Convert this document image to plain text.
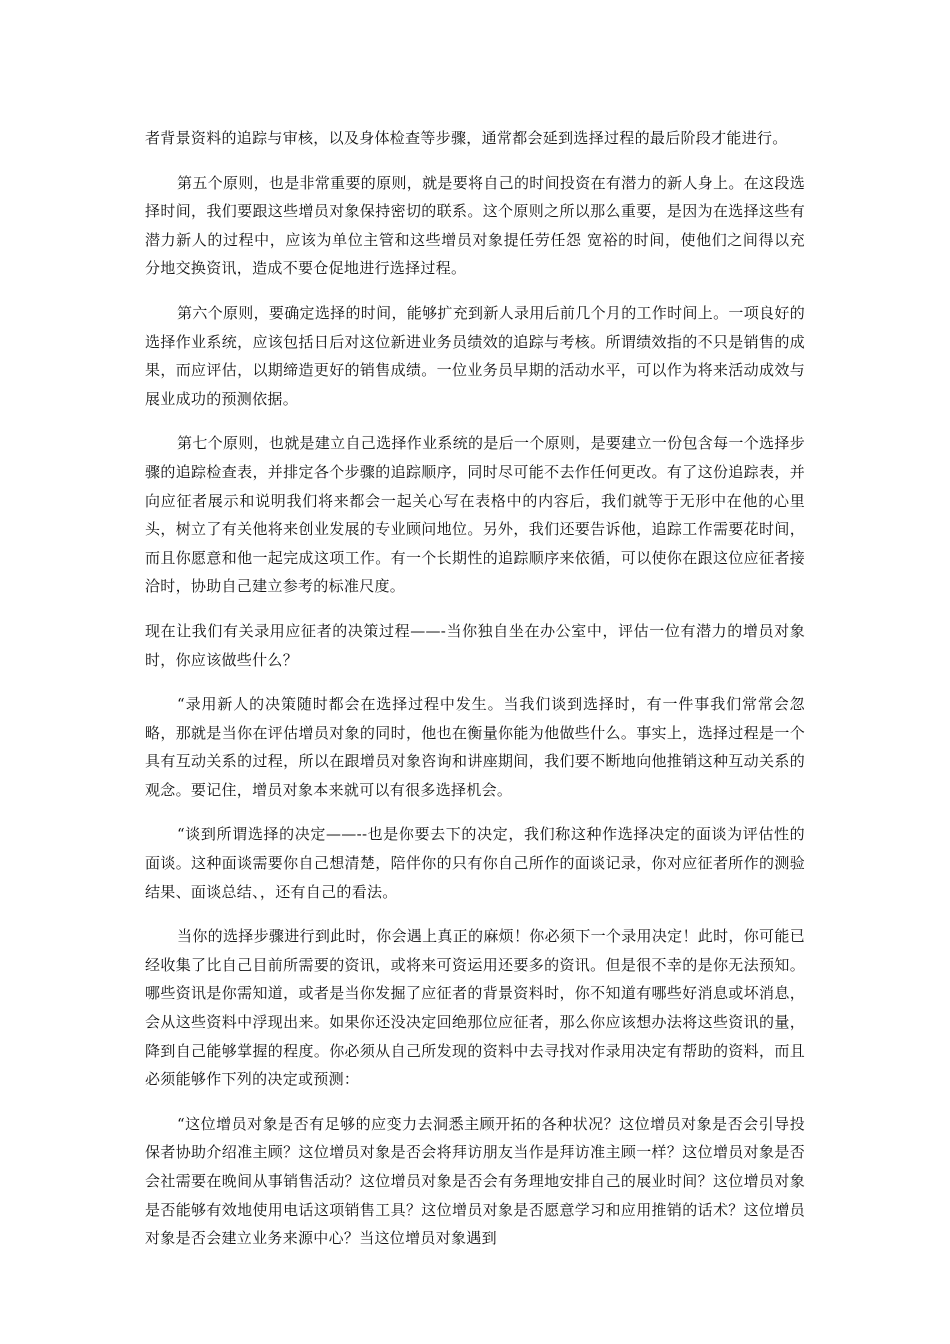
者背景资料的追踪与审核，以及身体检查等步骤，通常都会延到选择过程的最后阶段才能进行。

第五个原则，也是非常重要的原则，就是要将自己的时间投资在有潜力的新人身上。在这段选择时间，我们要跟这些增员对象保持密切的联系。这个原则之所以那么重要，是因为在选择这些有潜力新人的过程中，应该为单位主管和这些增员对象提任劳任怨 宽裕的时间，使他们之间得以充分地交换资讯，造成不要仓促地进行选择过程。

第六个原则，要确定选择的时间，能够扩充到新人录用后前几个月的工作时间上。一项良好的选择作业系统，应该包括日后对这位新进业务员绩效的追踪与考核。所谓绩效指的不只是销售的成果，而应评估，以期缔造更好的销售成绩。一位业务员早期的活动水平，可以作为将来活动成效与展业成功的预测依据。

第七个原则，也就是建立自己选择作业系统的是后一个原则，是要建立一份包含每一个选择步骤的追踪检查表，并排定各个步骤的追踪顺序，同时尽可能不去作任何更改。有了这份追踪表，并向应征者展示和说明我们将来都会一起关心写在表格中的内容后，我们就等于无形中在他的心里头，树立了有关他将来创业发展的专业顾问地位。另外，我们还要告诉他，追踪工作需要花时间，而且你愿意和他一起完成这项工作。有一个长期性的追踪顺序来依循，可以使你在跟这位应征者接洽时，协助自己建立参考的标准尺度。

现在让我们有关录用应征者的决策过程——-当你独自坐在办公室中，评估一位有潜力的增员对象时，你应该做些什么？

“录用新人的决策随时都会在选择过程中发生。当我们谈到选择时，有一件事我们常常会忽略，那就是当你在评估增员对象的同时，他也在衡量你能为他做些什么。事实上，选择过程是一个具有互动关系的过程，所以在跟增员对象咨询和讲座期间，我们要不断地向他推销这种互动关系的观念。要记住，增员对象本来就可以有很多选择机会。

“谈到所谓选择的决定——--也是你要去下的决定，我们称这种作选择决定的面谈为评估性的面谈。这种面谈需要你自己想清楚，陪伴你的只有你自己所作的面谈记录，你对应征者所作的测验结果、面谈总结、，还有自己的看法。

当你的选择步骤进行到此时，你会遇上真正的麻烦！你必须下一个录用决定！此时，你可能已经收集了比自己目前所需要的资讯，或将来可资运用还要多的资讯。但是很不幸的是你无法预知。哪些资讯是你需知道，或者是当你发掘了应征者的背景资料时，你不知道有哪些好消息或坏消息，会从这些资料中浮现出来。如果你还没决定回绝那位应征者，那么你应该想办法将这些资讯的量，降到自己能够掌握的程度。你必须从自己所发现的资料中去寻找对作录用决定有帮助的资料，而且必须能够作下列的决定或预测：

“这位增员对象是否有足够的应变力去洞悉主顾开拓的各种状况？这位增员对象是否会引导投保者协助介绍准主顾？这位增员对象是否会将拜访朋友当作是拜访准主顾一样？这位增员对象是否会社需要在晚间从事销售活动？这位增员对象是否会有务理地安排自己的展业时间？这位增员对象是否能够有效地使用电话这项销售工具？这位增员对象是否愿意学习和应用推销的话术？这位增员对象是否会建立业务来源中心？当这位增员对象遇到
